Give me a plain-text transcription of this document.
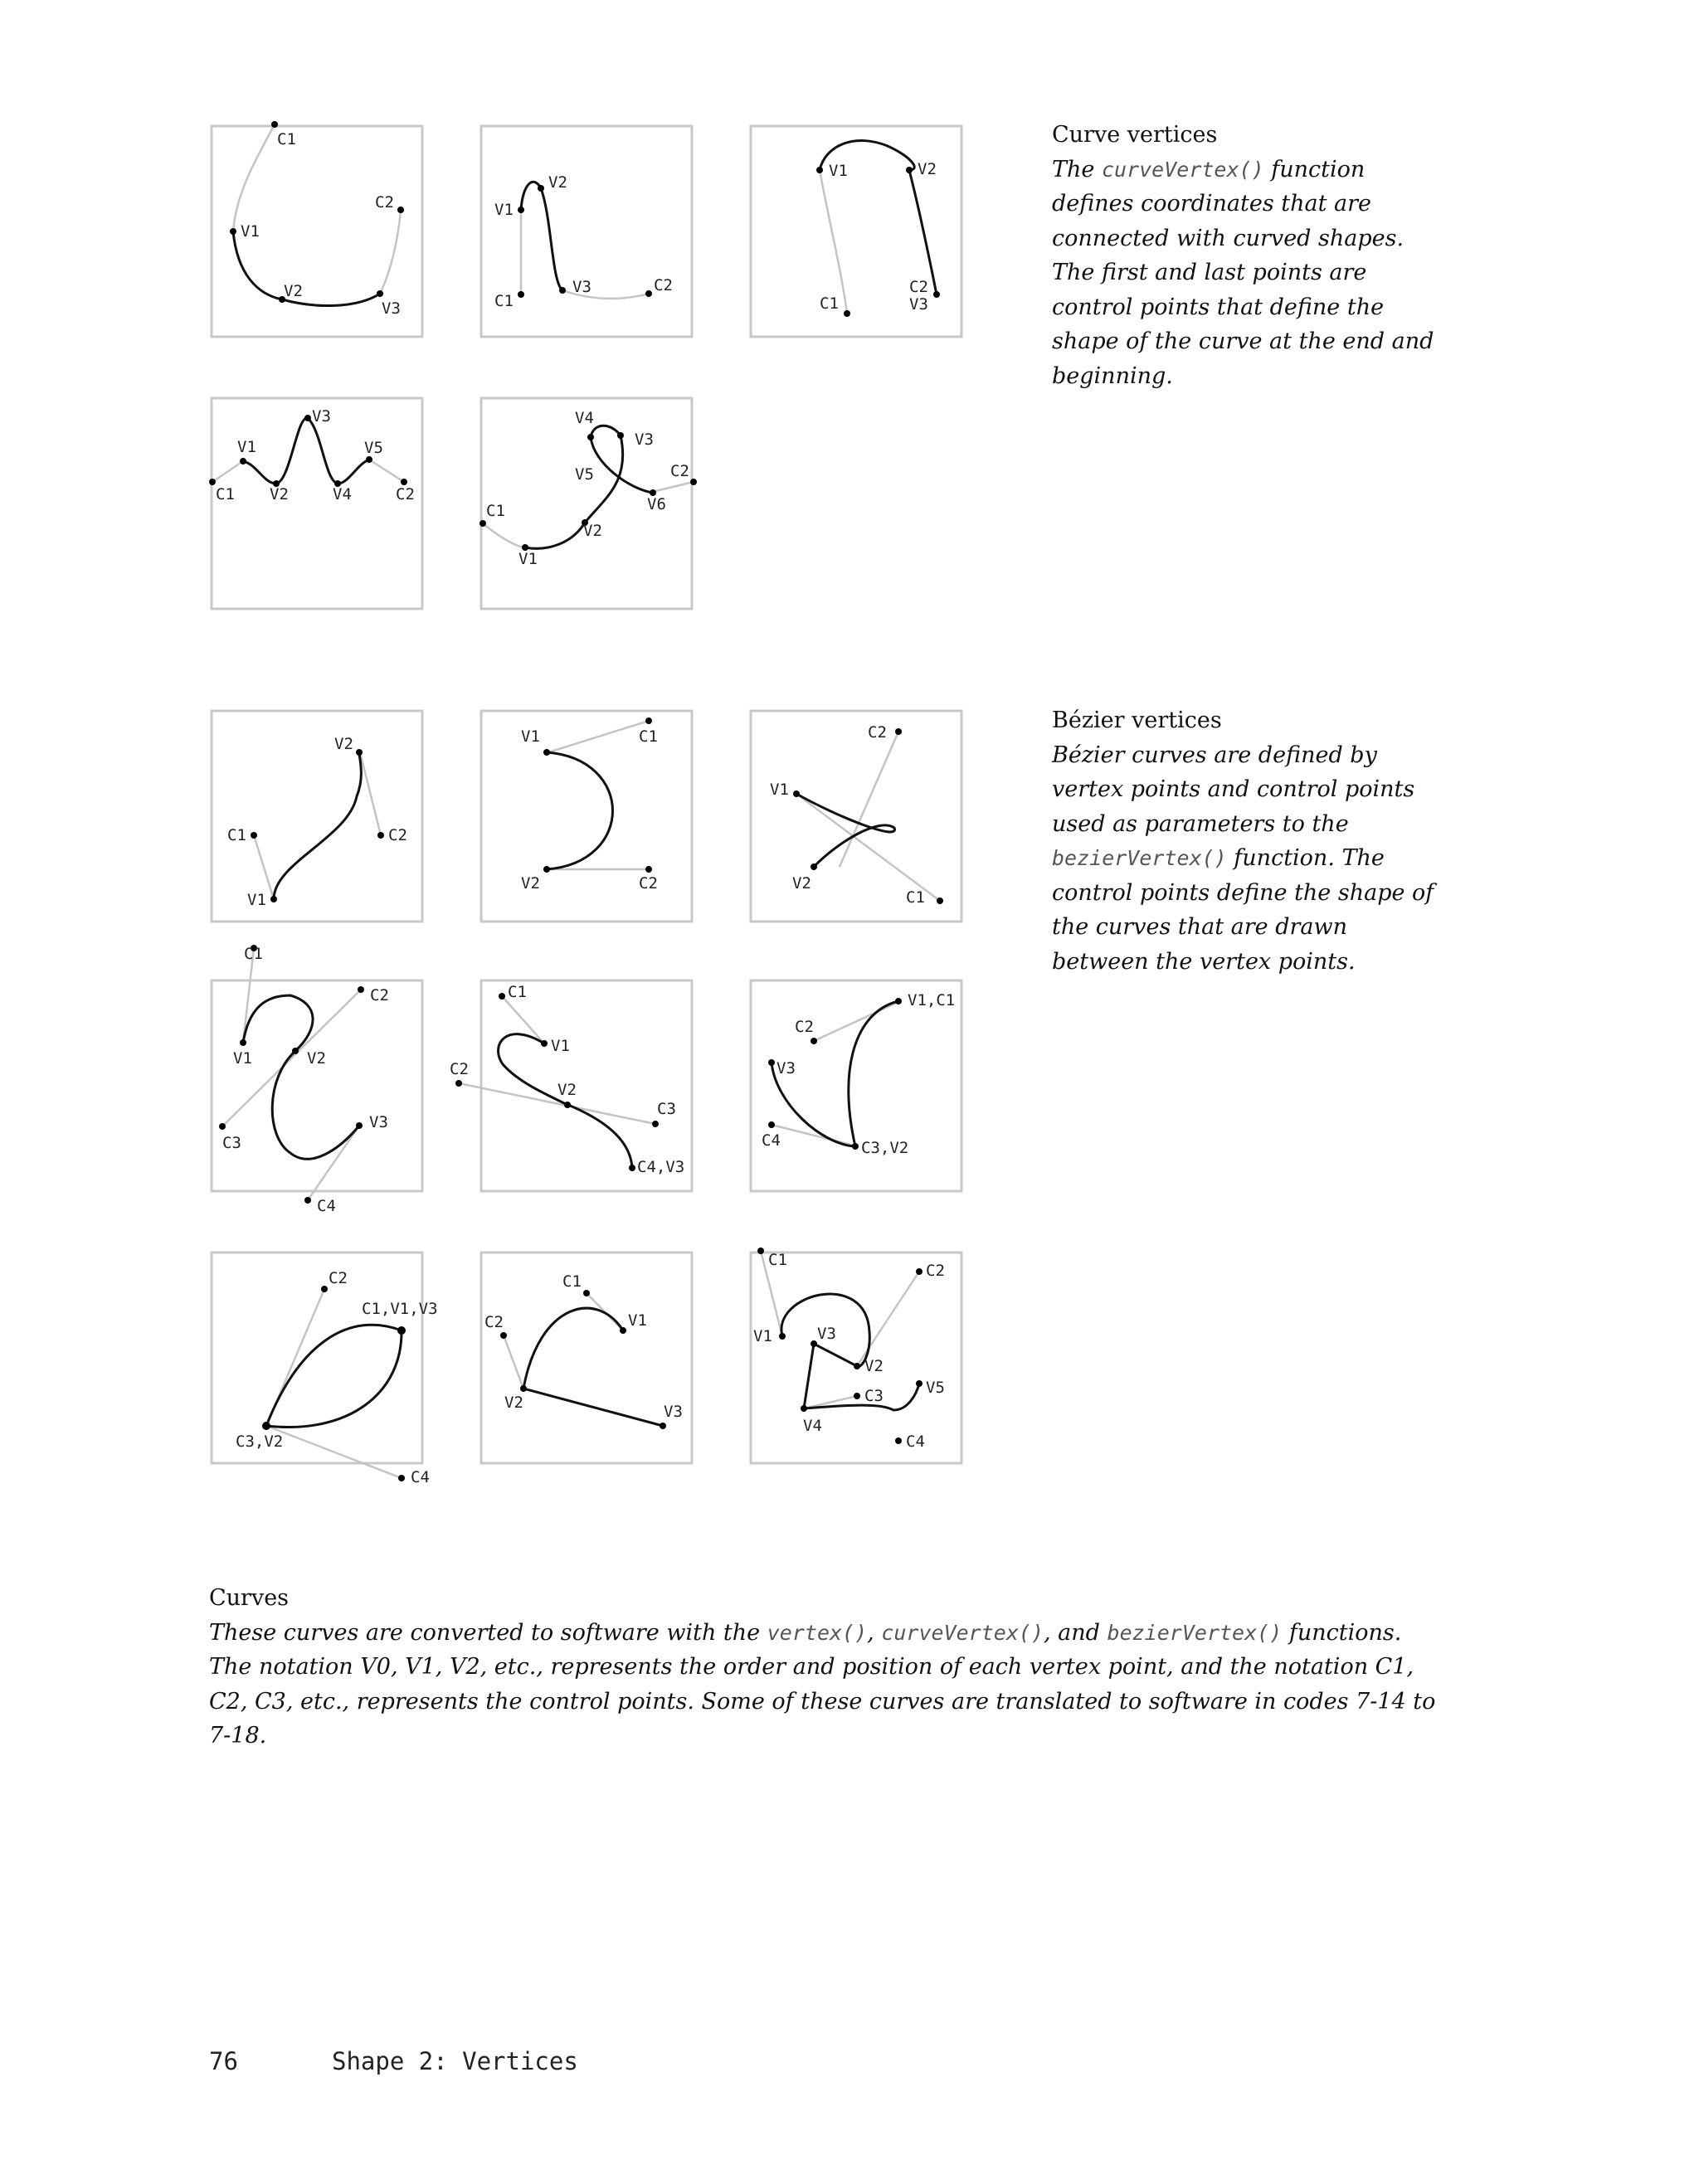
C1
V1
V2
V3
C2
C1
V1
V2
V3	C2
C1
V1	V2
C2
V3
C1
V1
V2
V3
V4
V5
C2
C1
V1
V2
V3
V4
V5
V6
C2
V1
C1	C2
V2	V1	C1
C2
V2
V1
C1
C2
V2
C1
V1	V2
C2
C3
C4
V3
C1
V1
C2
V2
C3
C4,V3
V1,C1
C2
V3
C4	C3,V2
C2
C1,V1,V3
C3,V2
C4
C1
V1
C2
V2	V3
C1
C2
V1	V3
V2
C3	V5
V4
C4
Curve vertices
The curveVertex() function defines coordinates that are connected with curved shapes. The first and last points are control points that define the shape of the curve at the end and beginning.
Bézier vertices
Bézier curves are defined by vertex points and control points used as parameters to the bezierVertex() function. The control points define the shape of the curves that are drawn between the vertex points.
Curves
These curves are converted to software with the vertex(), curveVertex(), and bezierVertex() functions.
The notation V0, V1, V2, etc., represents the order and position of each vertex point, and the notation C1, C2, C3, etc., represents the control points. Some of these curves are translated to software in codes 7-14 to 7-18.
76	Shape 2: Vertices
